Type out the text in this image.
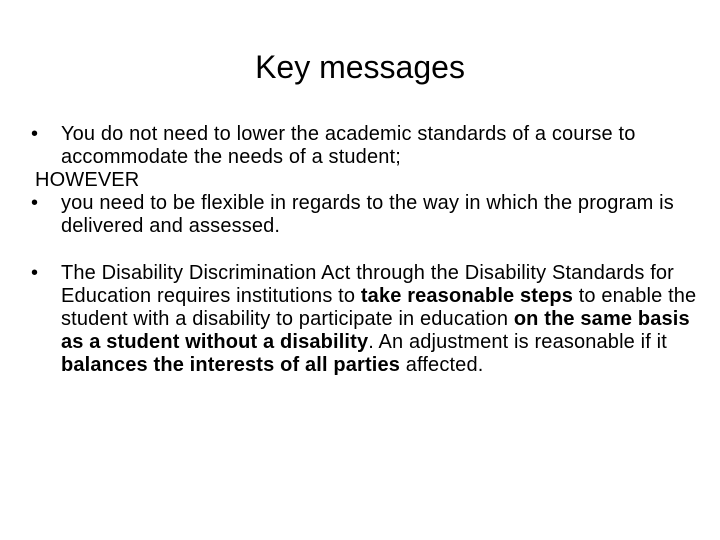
Key messages
• You do not need to lower the academic standards of a course to accommodate the needs of a student;
HOWEVER
• you need to be flexible in regards to the way in which the program is delivered and assessed.
• The Disability Discrimination Act through the Disability Standards for Education requires institutions to take reasonable steps to enable the student with a disability to participate in education on the same basis as a student without a disability. An adjustment is reasonable if it balances the interests of all parties affected.
